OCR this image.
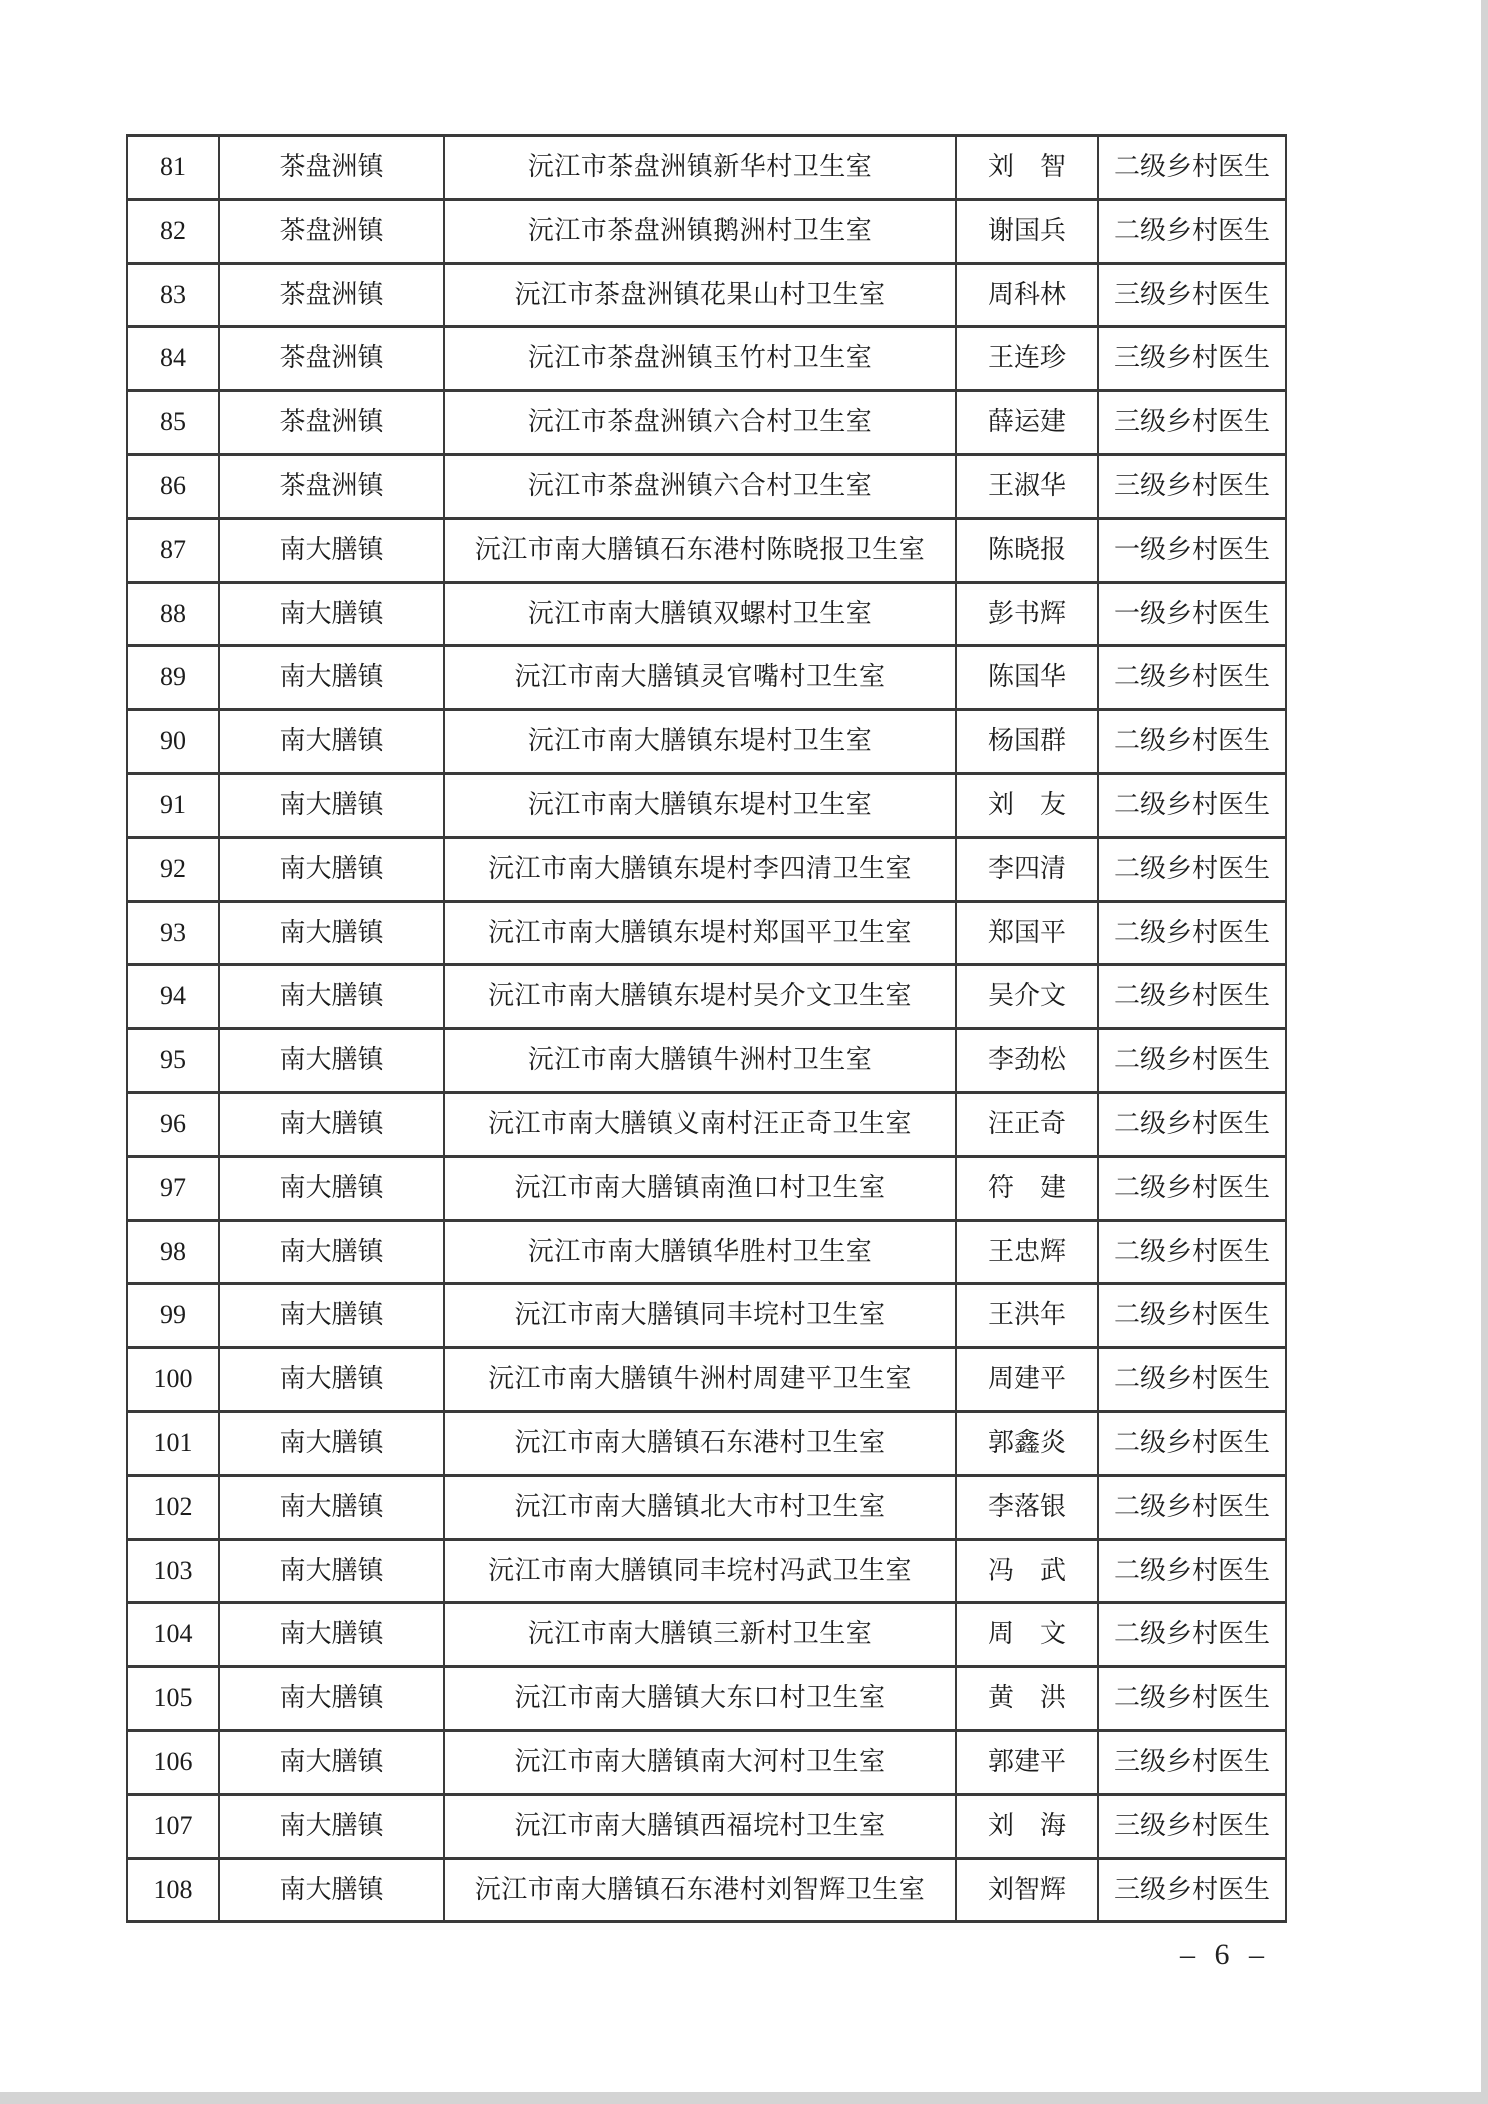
81	茶盘洲镇	沅江市茶盘洲镇新华村卫生室	刘　智	二级乡村医生
82	茶盘洲镇	沅江市茶盘洲镇鹅洲村卫生室	谢国兵	二级乡村医生
83	茶盘洲镇	沅江市茶盘洲镇花果山村卫生室	周科林	三级乡村医生
84	茶盘洲镇	沅江市茶盘洲镇玉竹村卫生室	王连珍	三级乡村医生
85	茶盘洲镇	沅江市茶盘洲镇六合村卫生室	薛运建	三级乡村医生
86	茶盘洲镇	沅江市茶盘洲镇六合村卫生室	王淑华	三级乡村医生
87	南大膳镇	沅江市南大膳镇石东港村陈晓报卫生室	陈晓报	一级乡村医生
88	南大膳镇	沅江市南大膳镇双螺村卫生室	彭书辉	一级乡村医生
89	南大膳镇	沅江市南大膳镇灵官嘴村卫生室	陈国华	二级乡村医生
90	南大膳镇	沅江市南大膳镇东堤村卫生室	杨国群	二级乡村医生
91	南大膳镇	沅江市南大膳镇东堤村卫生室	刘　友	二级乡村医生
92	南大膳镇	沅江市南大膳镇东堤村李四清卫生室	李四清	二级乡村医生
93	南大膳镇	沅江市南大膳镇东堤村郑国平卫生室	郑国平	二级乡村医生
94	南大膳镇	沅江市南大膳镇东堤村吴介文卫生室	吴介文	二级乡村医生
95	南大膳镇	沅江市南大膳镇牛洲村卫生室	李劲松	二级乡村医生
96	南大膳镇	沅江市南大膳镇义南村汪正奇卫生室	汪正奇	二级乡村医生
97	南大膳镇	沅江市南大膳镇南渔口村卫生室	符　建	二级乡村医生
98	南大膳镇	沅江市南大膳镇华胜村卫生室	王忠辉	二级乡村医生
99	南大膳镇	沅江市南大膳镇同丰垸村卫生室	王洪年	二级乡村医生
100	南大膳镇	沅江市南大膳镇牛洲村周建平卫生室	周建平	二级乡村医生
101	南大膳镇	沅江市南大膳镇石东港村卫生室	郭鑫炎	二级乡村医生
102	南大膳镇	沅江市南大膳镇北大市村卫生室	李落银	二级乡村医生
103	南大膳镇	沅江市南大膳镇同丰垸村冯武卫生室	冯　武	二级乡村医生
104	南大膳镇	沅江市南大膳镇三新村卫生室	周　文	二级乡村医生
105	南大膳镇	沅江市南大膳镇大东口村卫生室	黄　洪	二级乡村医生
106	南大膳镇	沅江市南大膳镇南大河村卫生室	郭建平	三级乡村医生
107	南大膳镇	沅江市南大膳镇西福垸村卫生室	刘　海	三级乡村医生
108	南大膳镇	沅江市南大膳镇石东港村刘智辉卫生室	刘智辉	三级乡村医生
– 6 –
